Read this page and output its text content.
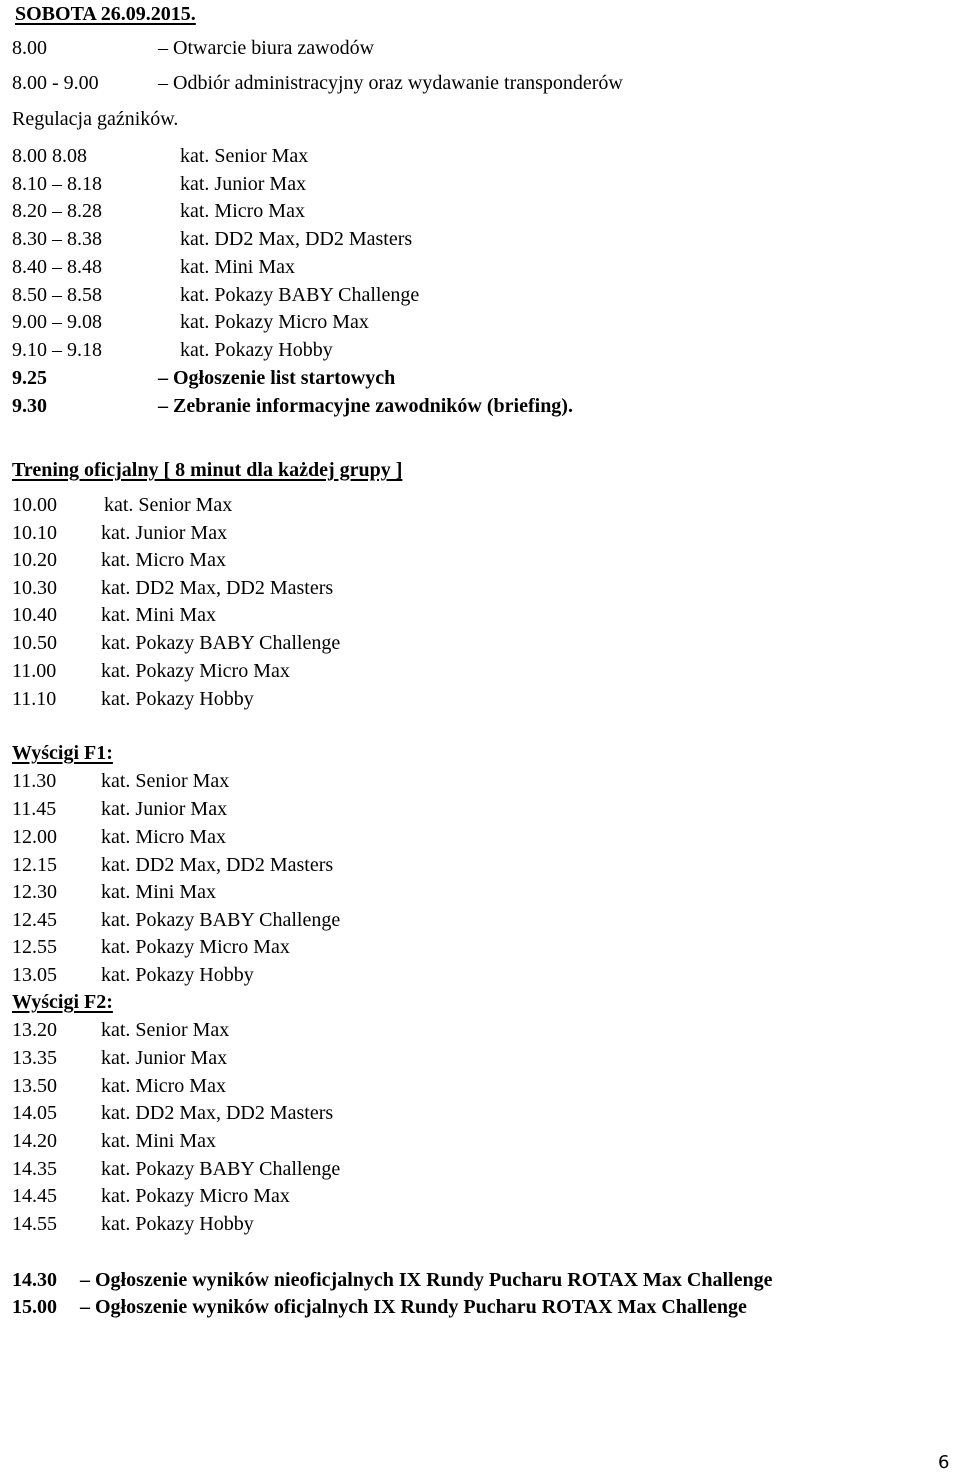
SOBOTA 26.09.2015.
8.00	– Otwarcie biura zawodów
8.00 - 9.00	– Odbiór administracyjny oraz wydawanie transponderów
Regulacja gaźników.
8.00 8.08	kat. Senior Max
8.10 – 8.18	kat. Junior Max
8.20 – 8.28	kat. Micro Max
8.30 – 8.38	kat. DD2 Max, DD2 Masters
8.40 – 8.48	kat. Mini Max
8.50 – 8.58	kat. Pokazy BABY Challenge
9.00 – 9.08	kat. Pokazy Micro Max
9.10 – 9.18	kat. Pokazy Hobby
9.25	– Ogłoszenie list startowych
9.30	– Zebranie informacyjne zawodników (briefing).
Trening oficjalny [ 8 minut dla każdej grupy ]
10.00 kat. Senior Max
10.10 kat. Junior Max
10.20 kat. Micro Max
10.30 kat. DD2 Max, DD2 Masters
10.40 kat. Mini Max
10.50 kat. Pokazy BABY Challenge
11.00 kat. Pokazy Micro Max
11.10 kat. Pokazy Hobby
Wyścigi F1:
11.30 kat. Senior Max
11.45 kat. Junior Max
12.00 kat. Micro Max
12.15 kat. DD2 Max, DD2 Masters
12.30 kat. Mini Max
12.45 kat. Pokazy BABY Challenge
12.55 kat. Pokazy Micro Max
13.05 kat. Pokazy Hobby
Wyścigi F2:
13.20 kat. Senior Max
13.35 kat. Junior Max
13.50 kat. Micro Max
14.05 kat. DD2 Max, DD2 Masters
14.20 kat. Mini Max
14.35 kat. Pokazy BABY Challenge
14.45 kat. Pokazy Micro Max
14.55 kat. Pokazy Hobby
14.30 – Ogłoszenie wyników nieoficjalnych IX Rundy Pucharu ROTAX Max Challenge
15.00 – Ogłoszenie wyników oficjalnych IX Rundy Pucharu ROTAX Max Challenge
6
